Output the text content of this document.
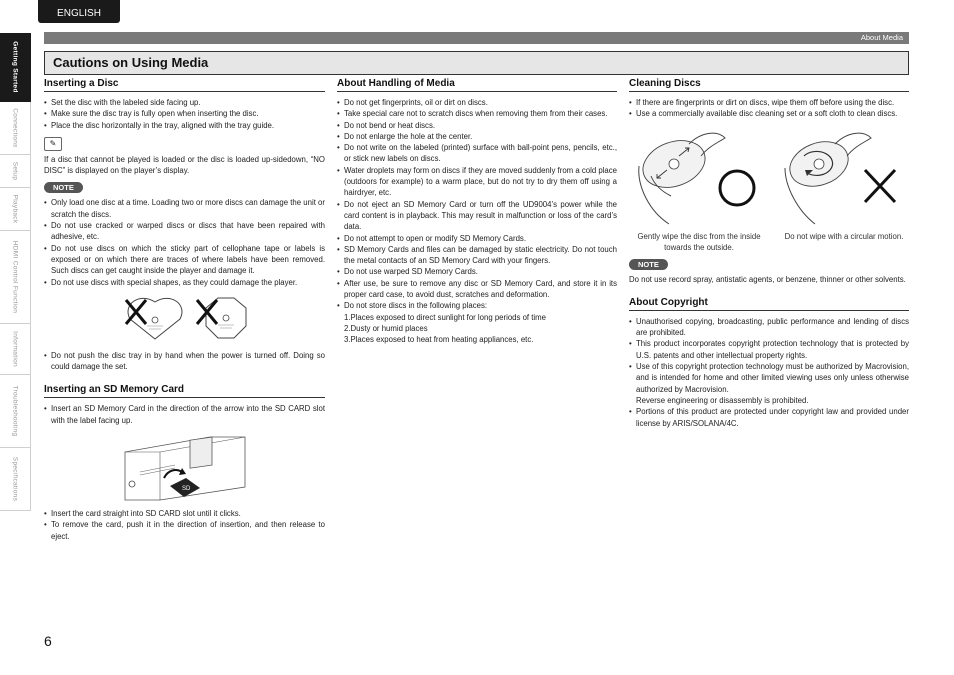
ENGLISH
About Media
Getting Started
Connections
Setup
Playback
HDMI Control Function
Information
Troubleshooting
Specifications
Cautions on Using Media
Inserting a Disc
• Set the disc with the labeled side facing up.
• Make sure the disc tray is fully open when inserting the disc.
• Place the disc horizontally in the tray, aligned with the tray guide.
✎

If a disc that cannot be played is loaded or the disc is loaded up-sidedown, “NO DISC” is displayed on the player’s display.

NOTE
• Only load one disc at a time. Loading two or more discs can damage the unit or scratch the discs.
• Do not use cracked or warped discs or discs that have been repaired with adhesive, etc.
• Do not use discs on which the sticky part of cellophane tape or labels is exposed or on which there are traces of where labels have been removed. Such discs can get caught inside the player and damage it.
• Do not use discs with special shapes, as they could damage the player.
• Do not push the disc tray in by hand when the power is turned off. Doing so could damage the set.
Inserting an SD Memory Card
• Insert an SD Memory Card in the direction of the arrow into the SD CARD slot with the label facing up.
SD
• Insert the card straight into SD CARD slot until it clicks.
• To remove the card, push it in the direction of insertion, and then release to eject.
About Handling of Media
• Do not get fingerprints, oil or dirt on discs.
• Take special care not to scratch discs when removing them from their cases.
• Do not bend or heat discs.
• Do not enlarge the hole at the center.
• Do not write on the labeled (printed) surface with ball-point pens, pencils, etc., or stick new labels on discs.
• Water droplets may form on discs if they are moved suddenly from a cold place (outdoors for example) to a warm place, but do not try to dry them off using a hairdryer, etc.
• Do not eject an SD Memory Card or turn off the UD9004’s power while the card content is in playback. This may result in malfunction or loss of the card’s data.
• Do not attempt to open or modify SD Memory Cards.
• SD Memory Cards and files can be damaged by static electricity. Do not touch the metal contacts of an SD Memory Card with your fingers.
• Do not use warped SD Memory Cards.
• After use, be sure to remove any disc or SD Memory Card, and store it in its proper card case, to avoid dust, scratches and deformation.
• Do not store discs in the following places:
1.Places exposed to direct sunlight for long periods of time
2.Dusty or humid places
3.Places exposed to heat from heating appliances, etc.
Cleaning Discs
• If there are fingerprints or dirt on discs, wipe them off before using the disc.
• Use a commercially available disc cleaning set or a soft cloth to clean discs.
Gently wipe the disc from the inside towards the outside.
Do not wipe with a circular motion.
NOTE

Do not use record spray, antistatic agents, or benzene, thinner or other solvents.

About Copyright
• Unauthorised copying, broadcasting, public performance and lending of discs are prohibited.
• This product incorporates copyright protection technology that is protected by U.S. patents and other intellectual property rights.
• Use of this copyright protection technology must be authorized by Macrovision, and is intended for home and other limited viewing uses only unless otherwise authorized by Macrovision.
Reverse engineering or disassembly is prohibited.
• Portions of this product are protected under copyright law and provided under license by ARIS/SOLANA/4C.
6
